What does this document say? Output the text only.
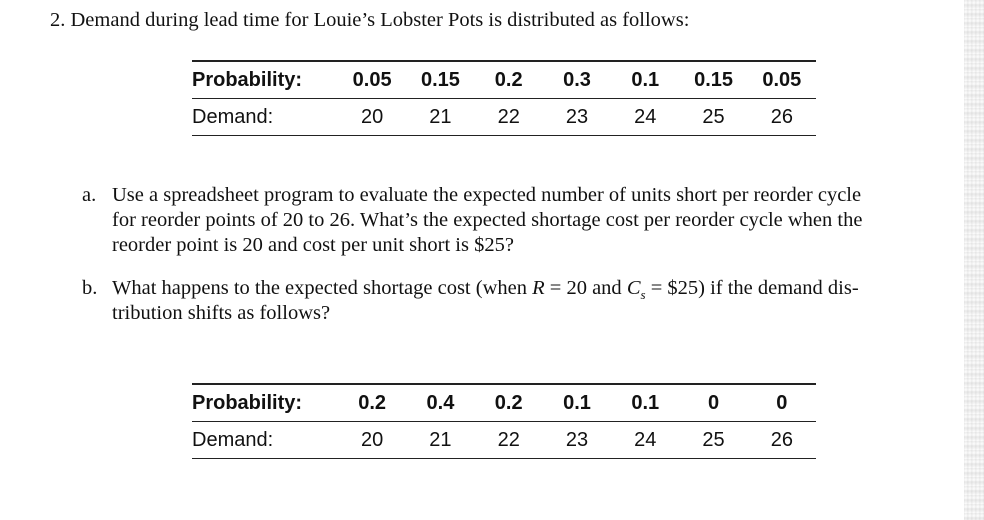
2. Demand during lead time for Louie’s Lobster Pots is distributed as follows:
Probability:	0.05	0.15	0.2	0.3	0.1	0.15	0.05
Demand:	20	21	22	23	24	25	26
a. Use a spreadsheet program to evaluate the expected number of units short per reorder cycle
for reorder points of 20 to 26. What’s the expected shortage cost per reorder cycle when the
reorder point is 20 and cost per unit short is $25?
b. What happens to the expected shortage cost (when R = 20 and $C_s$ = $25) if the demand dis-
tribution shifts as follows?
Probability:	0.2	0.4	0.2	0.1	0.1	0	0
Demand:	20	21	22	23	24	25	26
